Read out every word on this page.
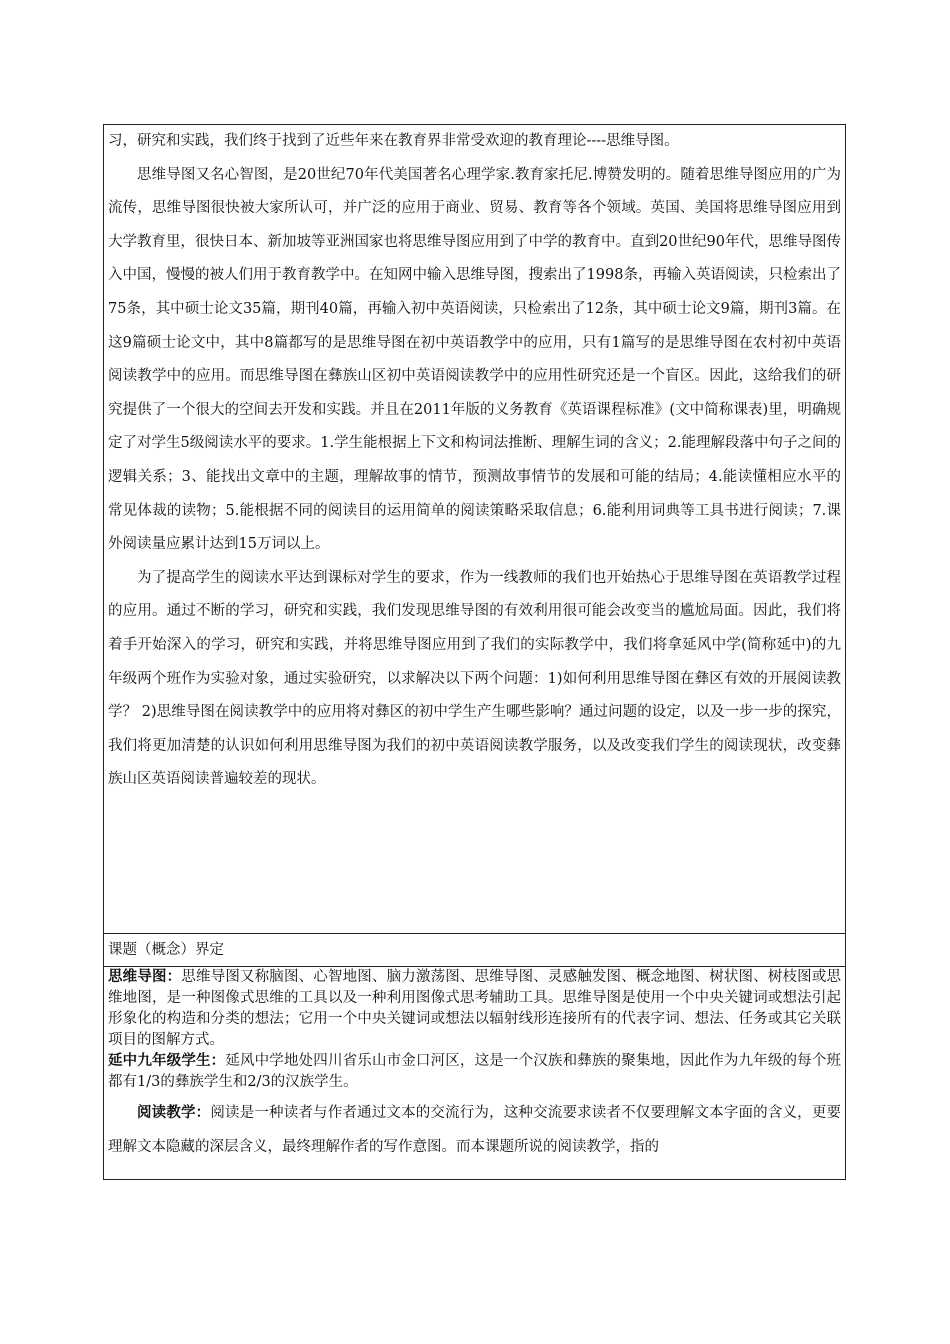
习，研究和实践，我们终于找到了近些年来在教育界非常受欢迎的教育理论----思维导图。

思维导图又名心智图，是20世纪70年代美国著名心理学家.教育家托尼.博赞发明的。随着思维导图应用的广为流传，思维导图很快被大家所认可，并广泛的应用于商业、贸易、教育等各个领域。英国、美国将思维导图应用到大学教育里，很快日本、新加坡等亚洲国家也将思维导图应用到了中学的教育中。直到20世纪90年代，思维导图传入中国，慢慢的被人们用于教育教学中。在知网中输入思维导图，搜索出了1998条，再输入英语阅读，只检索出了75条，其中硕士论文35篇，期刊40篇，再输入初中英语阅读，只检索出了12条，其中硕士论文9篇，期刊3篇。在这9篇硕士论文中，其中8篇都写的是思维导图在初中英语教学中的应用，只有1篇写的是思维导图在农村初中英语阅读教学中的应用。而思维导图在彝族山区初中英语阅读教学中的应用性研究还是一个盲区。因此，这给我们的研究提供了一个很大的空间去开发和实践。并且在2011年版的义务教育《英语课程标准》(文中简称课表)里，明确规定了对学生5级阅读水平的要求。1.学生能根据上下文和构词法推断、理解生词的含义；2.能理解段落中句子之间的逻辑关系；3、能找出文章中的主题，理解故事的情节，预测故事情节的发展和可能的结局；4.能读懂相应水平的常见体裁的读物；5.能根据不同的阅读目的运用简单的阅读策略采取信息；6.能利用词典等工具书进行阅读；7.课外阅读量应累计达到15万词以上。

为了提高学生的阅读水平达到课标对学生的要求，作为一线教师的我们也开始热心于思维导图在英语教学过程的应用。通过不断的学习，研究和实践，我们发现思维导图的有效利用很可能会改变当的尴尬局面。因此，我们将着手开始深入的学习，研究和实践，并将思维导图应用到了我们的实际教学中，我们将拿延风中学(简称延中)的九年级两个班作为实验对象，通过实验研究，以求解决以下两个问题：1)如何利用思维导图在彝区有效的开展阅读教学？ 2)思维导图在阅读教学中的应用将对彝区的初中学生产生哪些影响？通过问题的设定，以及一步一步的探究，我们将更加清楚的认识如何利用思维导图为我们的初中英语阅读教学服务，以及改变我们学生的阅读现状，改变彝族山区英语阅读普遍较差的现状。

课题（概念）界定

思维导图：思维导图又称脑图、心智地图、脑力激荡图、思维导图、灵感触发图、概念地图、树状图、树枝图或思维地图，是一种图像式思维的工具以及一种利用图像式思考辅助工具。思维导图是使用一个中央关键词或想法引起形象化的构造和分类的想法；它用一个中央关键词或想法以辐射线形连接所有的代表字词、想法、任务或其它关联项目的图解方式。

延中九年级学生：延风中学地处四川省乐山市金口河区，这是一个汉族和彝族的聚集地，因此作为九年级的每个班都有1/3的彝族学生和2/3的汉族学生。

阅读教学：阅读是一种读者与作者通过文本的交流行为，这种交流要求读者不仅要理解文本字面的含义，更要理解文本隐藏的深层含义，最终理解作者的写作意图。而本课题所说的阅读教学，指的
